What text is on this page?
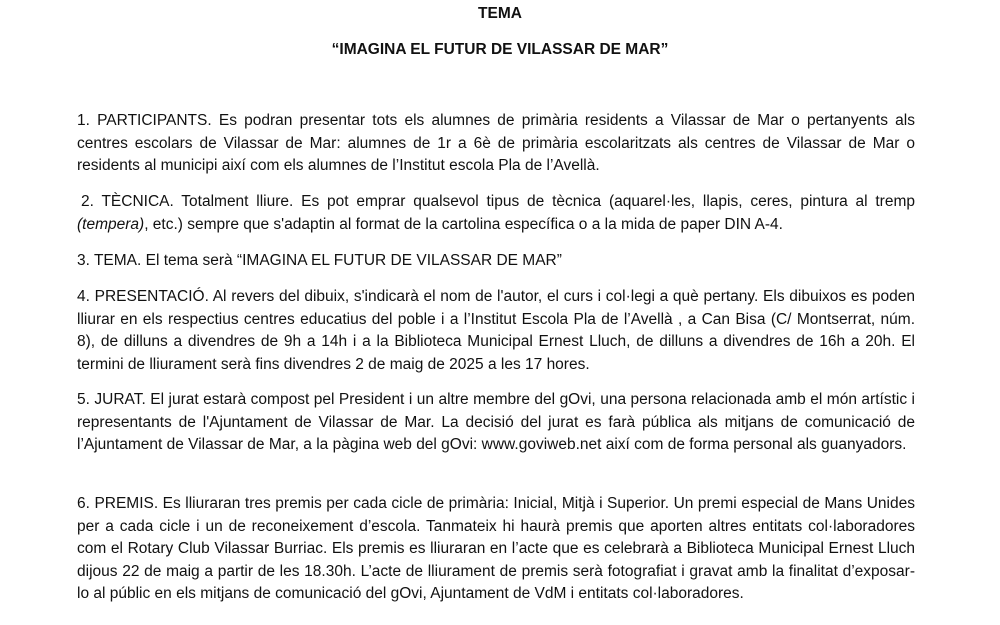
TEMA
“IMAGINA EL FUTUR DE VILASSAR DE MAR”

1. PARTICIPANTS. Es podran presentar tots els alumnes de primària residents a Vilassar de Mar o pertanyents als centres escolars de Vilassar de Mar: alumnes de 1r a 6è de primària escolaritzats als centres de Vilassar de Mar o residents al municipi així com els alumnes de l’Institut escola Pla de l’Avellà.

2. TÈCNICA. Totalment lliure. Es pot emprar qualsevol tipus de tècnica (aquarel·les, llapis, ceres, pintura al tremp (tempera), etc.) sempre que s'adaptin al format de la cartolina específica o a la mida de paper DIN A-4.

3. TEMA. El tema serà “IMAGINA EL FUTUR DE VILASSAR DE MAR”

4. PRESENTACIÓ. Al revers del dibuix, s'indicarà el nom de l'autor, el curs i col·legi a què pertany. Els dibuixos es poden lliurar en els respectius centres educatius del poble i a l’Institut Escola Pla de l’Avellà , a Can Bisa (C/ Montserrat, núm. 8), de dilluns a divendres de 9h a 14h i a la Biblioteca Municipal Ernest Lluch, de dilluns a divendres de 16h a 20h. El termini de lliurament serà fins divendres 2 de maig de 2025 a les 17 hores.

5. JURAT. El jurat estarà compost pel President i un altre membre del gOvi, una persona relacionada amb el món artístic i representants de l'Ajuntament de Vilassar de Mar. La decisió del jurat es farà pública als mitjans de comunicació de l’Ajuntament de Vilassar de Mar, a la pàgina web del gOvi: www.goviweb.net així com de forma personal als guanyadors.

6. PREMIS. Es lliuraran tres premis per cada cicle de primària: Inicial, Mitjà i Superior. Un premi especial de Mans Unides per a cada cicle i un de reconeixement d’escola. Tanmateix hi haurà premis que aporten altres entitats col·laboradores com el Rotary Club Vilassar Burriac. Els premis es lliuraran en l’acte que es celebrarà a Biblioteca Municipal Ernest Lluch dijous 22 de maig a partir de les 18.30h. L’acte de lliurament de premis serà fotografiat i gravat amb la finalitat d’exposar-lo al públic en els mitjans de comunicació del gOvi, Ajuntament de VdM i entitats col·laboradores.
